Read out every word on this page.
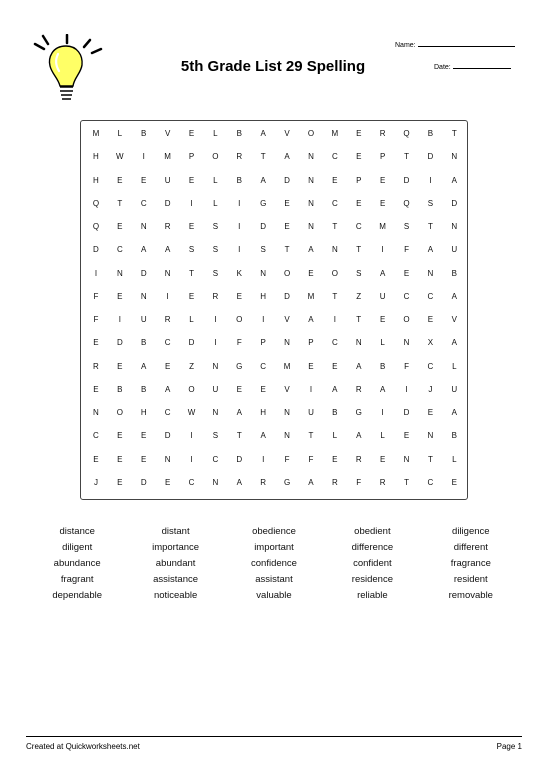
5th Grade List 29 Spelling
Name:
Date:
M	L	B	V	E	L	B	A	V	O	M	E	R	Q	B	T
H	W	I	M	P	O	R	T	A	N	C	E	P	T	D	N
H	E	E	U	E	L	B	A	D	N	E	P	E	D	I	A
Q	T	C	D	I	L	I	G	E	N	C	E	E	Q	S	D
Q	E	N	R	E	S	I	D	E	N	T	C	M	S	T	N
D	C	A	A	S	S	I	S	T	A	N	T	I	F	A	U
I	N	D	N	T	S	K	N	O	E	O	S	A	E	N	B
F	E	N	I	E	R	E	H	D	M	T	Z	U	C	C	A
F	I	U	R	L	I	O	I	V	A	I	T	E	O	E	V
E	D	B	C	D	I	F	P	N	P	C	N	L	N	X	A
R	E	A	E	Z	N	G	C	M	E	E	A	B	F	C	L
E	B	B	A	O	U	E	E	V	I	A	R	A	I	J	U
N	O	H	C	W	N	A	H	N	U	B	G	I	D	E	A
C	E	E	D	I	S	T	A	N	T	L	A	L	E	N	B
E	E	E	N	I	C	D	I	F	F	E	R	E	N	T	L
J	E	D	E	C	N	A	R	G	A	R	F	R	T	C	E
distance	distant	obedience	obedient	diligence
diligent	importance	important	difference	different
abundance	abundant	confidence	confident	fragrance
fragrant	assistance	assistant	residence	resident
dependable	noticeable	valuable	reliable	removable
Created at Quickworksheets.net	Page 1
